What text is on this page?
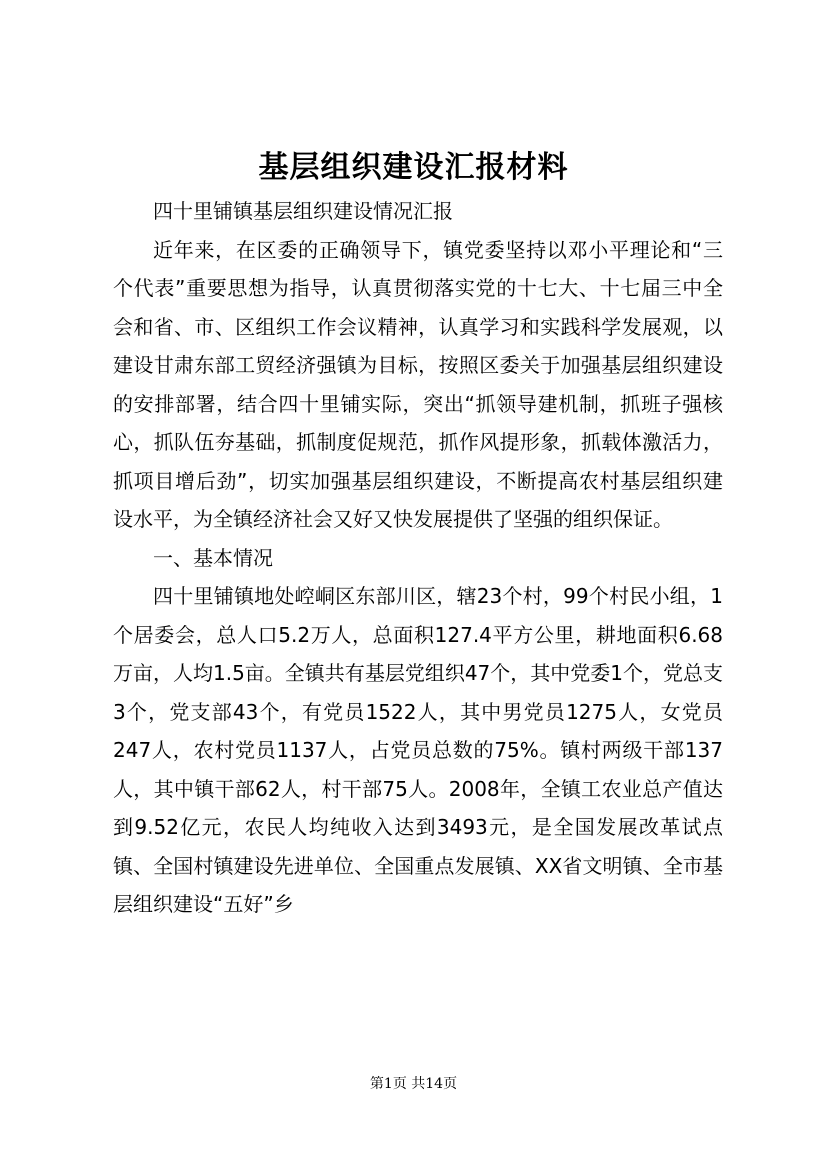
基层组织建设汇报材料

四十里铺镇基层组织建设情况汇报

近年来，在区委的正确领导下，镇党委坚持以邓小平理论和“三个代表”重要思想为指导，认真贯彻落实党的十七大、十七届三中全会和省、市、区组织工作会议精神，认真学习和实践科学发展观，以建设甘肃东部工贸经济强镇为目标，按照区委关于加强基层组织建设的安排部署，结合四十里铺实际，突出“抓领导建机制，抓班子强核心，抓队伍夯基础，抓制度促规范，抓作风提形象，抓载体激活力，抓项目增后劲”，切实加强基层组织建设，不断提高农村基层组织建设水平，为全镇经济社会又好又快发展提供了坚强的组织保证。

一、基本情况

四十里铺镇地处崆峒区东部川区，辖23个村，99个村民小组，1个居委会，总人口5.2万人，总面积127.4平方公里，耕地面积6.68万亩，人均1.5亩。全镇共有基层党组织47个，其中党委1个，党总支3个，党支部43个，有党员1522人，其中男党员1275人，女党员247人，农村党员1137人，占党员总数的75%。镇村两级干部137人，其中镇干部62人，村干部75人。2008年，全镇工农业总产值达到9.52亿元，农民人均纯收入达到3493元，是全国发展改革试点镇、全国村镇建设先进单位、全国重点发展镇、XX省文明镇、全市基层组织建设“五好”乡

第1页 共14页
